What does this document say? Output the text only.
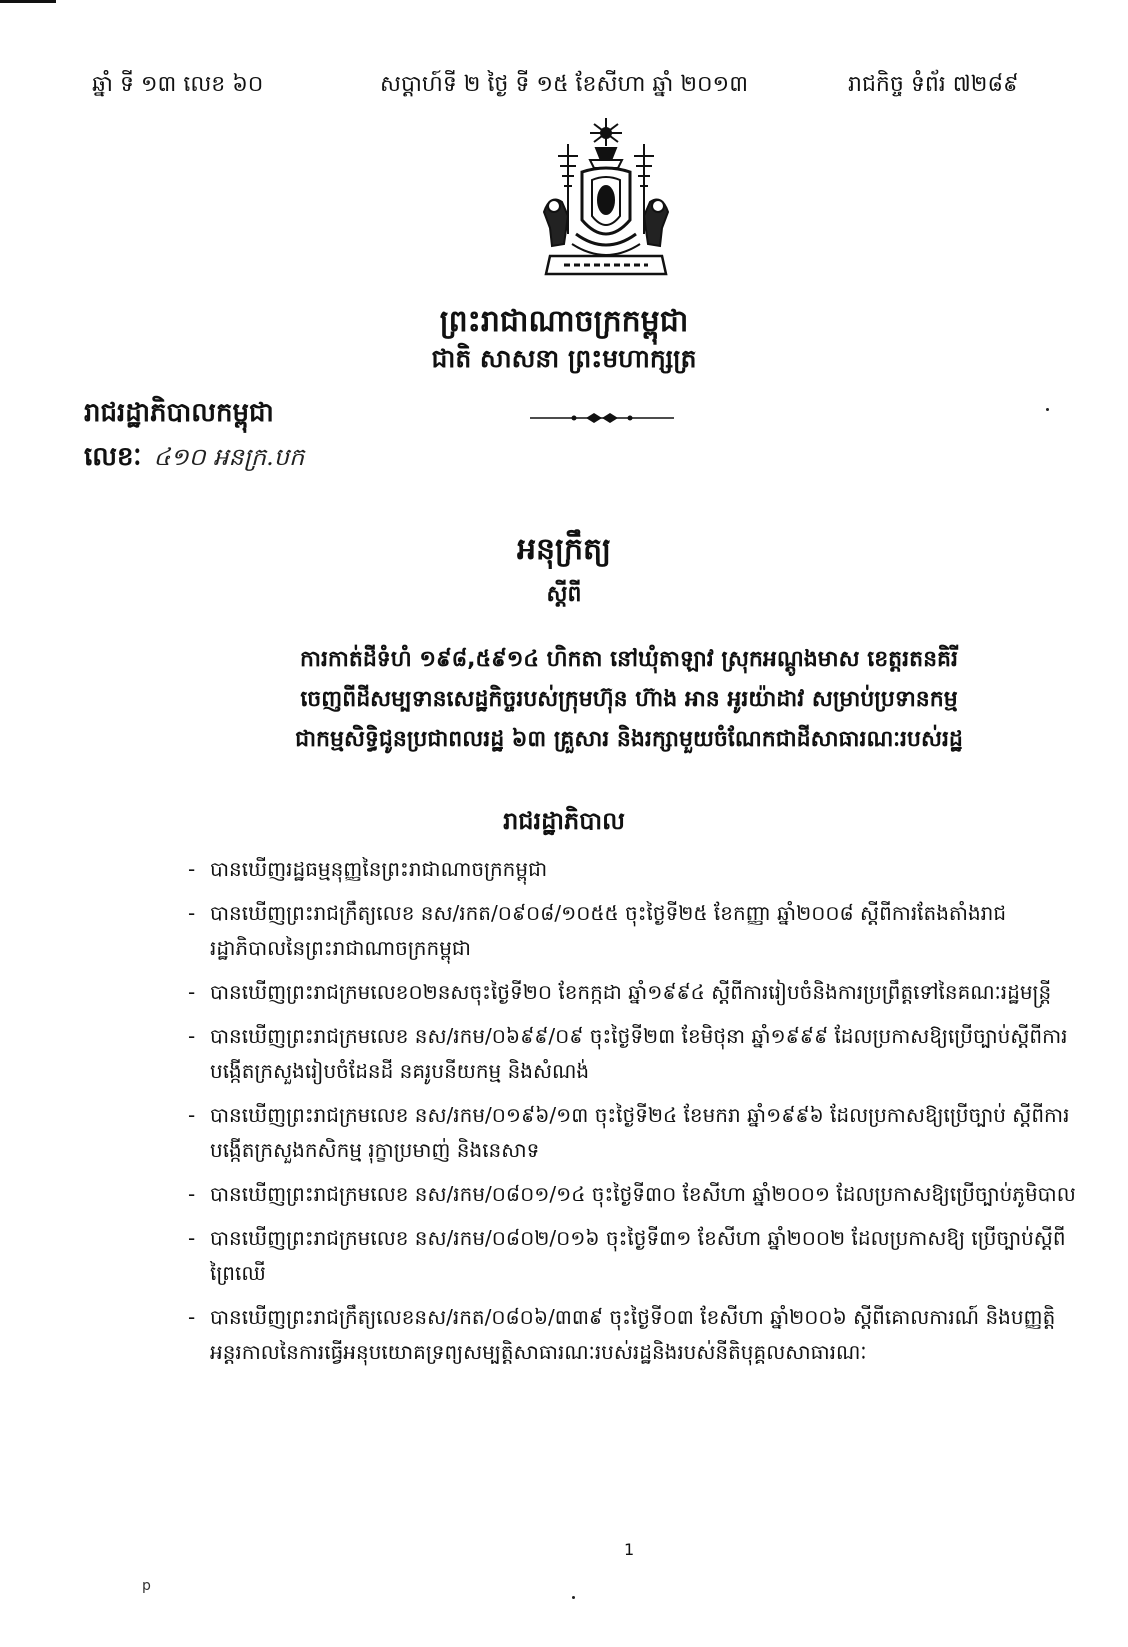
ឆ្នាំ ទី ១៣ លេខ ៦០	សប្តាហ៍ទី ២ ថ្ងៃ ទី ១៥ ខែសីហា ឆ្នាំ ២០១៣	រាជកិច្ច ទំព័រ ៧២៨៩
ព្រះរាជាណាចក្រកម្ពុជា
ជាតិ សាសនា ព្រះមហាក្សត្រ
រាជរដ្ឋាភិបាលកម្ពុជា
លេខៈ ៤១០ អនក្រ.បក
អនុក្រឹត្យ
ស្តីពី
ការកាត់ដីទំហំ ១៩៨,៥៩១៤ ហិកតា នៅឃុំតាឡាវ ស្រុកអណ្តូងមាស ខេត្តរតនគិរី
ចេញពីដីសម្បទានសេដ្ឋកិច្ចរបស់ក្រុមហ៊ុន ហ៊ាង អាន អូរយ៉ាដាវ សម្រាប់ប្រទានកម្ម
ជាកម្មសិទ្ធិជូនប្រជាពលរដ្ឋ ៦៣ គ្រួសារ និងរក្សាមួយចំណែកជាដីសាធារណៈរបស់រដ្ឋ
រាជរដ្ឋាភិបាល
- បានឃើញរដ្ឋធម្មនុញ្ញនៃព្រះរាជាណាចក្រកម្ពុជា
- បានឃើញព្រះរាជក្រឹត្យលេខ នស/រកត/០៩០៨/១០៥៥ ចុះថ្ងៃទី២៥ ខែកញ្ញា ឆ្នាំ២០០៨ ស្តីពីការតែងតាំងរាជរដ្ឋាភិបាលនៃព្រះរាជាណាចក្រកម្ពុជា
- បានឃើញព្រះរាជក្រមលេខ០២នសចុះថ្ងៃទី២០ ខែកក្កដា ឆ្នាំ១៩៩៤ ស្តីពីការរៀបចំនិងការប្រព្រឹត្តទៅនៃគណៈរដ្ឋមន្ត្រី
- បានឃើញព្រះរាជក្រមលេខ នស/រកម/០៦៩៩/០៩ ចុះថ្ងៃទី២៣ ខែមិថុនា ឆ្នាំ១៩៩៩ ដែលប្រកាសឱ្យប្រើច្បាប់ស្តីពីការបង្កើតក្រសួងរៀបចំដែនដី នគរូបនីយកម្ម និងសំណង់
- បានឃើញព្រះរាជក្រមលេខ នស/រកម/០១៩៦/១៣ ចុះថ្ងៃទី២៤ ខែមករា ឆ្នាំ១៩៩៦ ដែលប្រកាសឱ្យប្រើច្បាប់ ស្តីពីការបង្កើតក្រសួងកសិកម្ម រុក្ខាប្រមាញ់ និងនេសាទ
- បានឃើញព្រះរាជក្រមលេខ នស/រកម/០៨០១/១៤ ចុះថ្ងៃទី៣០ ខែសីហា ឆ្នាំ២០០១ ដែលប្រកាសឱ្យប្រើច្បាប់ភូមិបាល
- បានឃើញព្រះរាជក្រមលេខ នស/រកម/០៨០២/០១៦ ចុះថ្ងៃទី៣១ ខែសីហា ឆ្នាំ២០០២ ដែលប្រកាសឱ្យ ប្រើច្បាប់ស្តីពីព្រៃឈើ
- បានឃើញព្រះរាជក្រឹត្យលេខនស/រកត/០៨០៦/៣៣៩ ចុះថ្ងៃទី០៣ ខែសីហា ឆ្នាំ២០០៦ ស្តីពីគោលការណ៍ និងបញ្ញត្តិអន្តរកាលនៃការធ្វើអនុបយោគទ្រព្យសម្បត្តិសាធារណៈរបស់រដ្ឋនិងរបស់នីតិបុគ្គលសាធារណៈ
1
p
